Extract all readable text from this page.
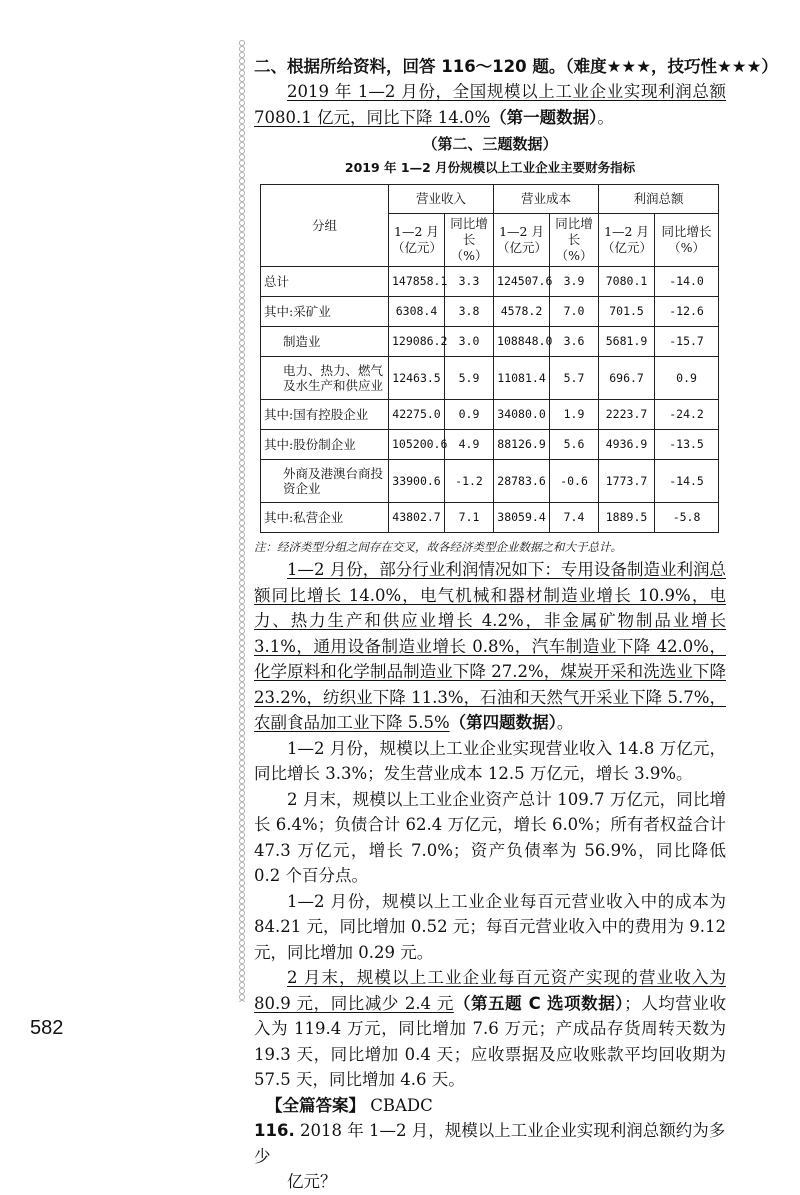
二、根据所给资料，回答 116～120 题。（难度★★★，技巧性★★★）

2019 年 1—2 月份，全国规模以上工业企业实现利润总额 7080.1 亿元，同比下降 14.0%（第一题数据）。

（第二、三题数据）
2019 年 1—2 月份规模以上工业企业主要财务指标
分组	营业收入		营业成本		利润总额	
	1—2 月（亿元）	同比增长（%）	1—2 月（亿元）	同比增长（%）	1—2 月（亿元）	同比增长（%）
总计	147858.1	3.3	124507.6	3.9	7080.1	-14.0
其中:采矿业	6308.4	3.8	4578.2	7.0	701.5	-12.6
制造业	129086.2	3.0	108848.0	3.6	5681.9	-15.7
电力、热力、燃气及水生产和供应业	12463.5	5.9	11081.4	5.7	696.7	0.9
其中:国有控股企业	42275.0	0.9	34080.0	1.9	2223.7	-24.2
其中:股份制企业	105200.6	4.9	88126.9	5.6	4936.9	-13.5
外商及港澳台商投资企业	33900.6	-1.2	28783.6	-0.6	1773.7	-14.5
其中:私营企业	43802.7	7.1	38059.4	7.4	1889.5	-5.8
注：经济类型分组之间存在交叉，故各经济类型企业数据之和大于总计。

1—2 月份，部分行业利润情况如下：专用设备制造业利润总额同比增长 14.0%，电气机械和器材制造业增长 10.9%，电力、热力生产和供应业增长 4.2%，非金属矿物制品业增长 3.1%，通用设备制造业增长 0.8%，汽车制造业下降 42.0%，化学原料和化学制品制造业下降 27.2%，煤炭开采和洗选业下降 23.2%，纺织业下降 11.3%，石油和天然气开采业下降 5.7%，农副食品加工业下降 5.5%（第四题数据）。

1—2 月份，规模以上工业企业实现营业收入 14.8 万亿元，同比增长 3.3%；发生营业成本 12.5 万亿元，增长 3.9%。

2 月末，规模以上工业企业资产总计 109.7 万亿元，同比增长 6.4%；负债合计 62.4 万亿元，增长 6.0%；所有者权益合计 47.3 万亿元，增长 7.0%；资产负债率为 56.9%，同比降低 0.2 个百分点。

1—2 月份，规模以上工业企业每百元营业收入中的成本为 84.21 元，同比增加 0.52 元；每百元营业收入中的费用为 9.12 元，同比增加 0.29 元。

2 月末，规模以上工业企业每百元资产实现的营业收入为 80.9 元，同比减少 2.4 元（第五题 C 选项数据）；人均营业收入为 119.4 万元，同比增加 7.6 万元；产成品存货周转天数为 19.3 天，同比增加 0.4 天；应收票据及应收账款平均回收期为 57.5 天，同比增加 4.6 天。

【全篇答案】 CBADC
116. 2018 年 1—2 月，规模以上工业企业实现利润总额约为多少
亿元？
582
